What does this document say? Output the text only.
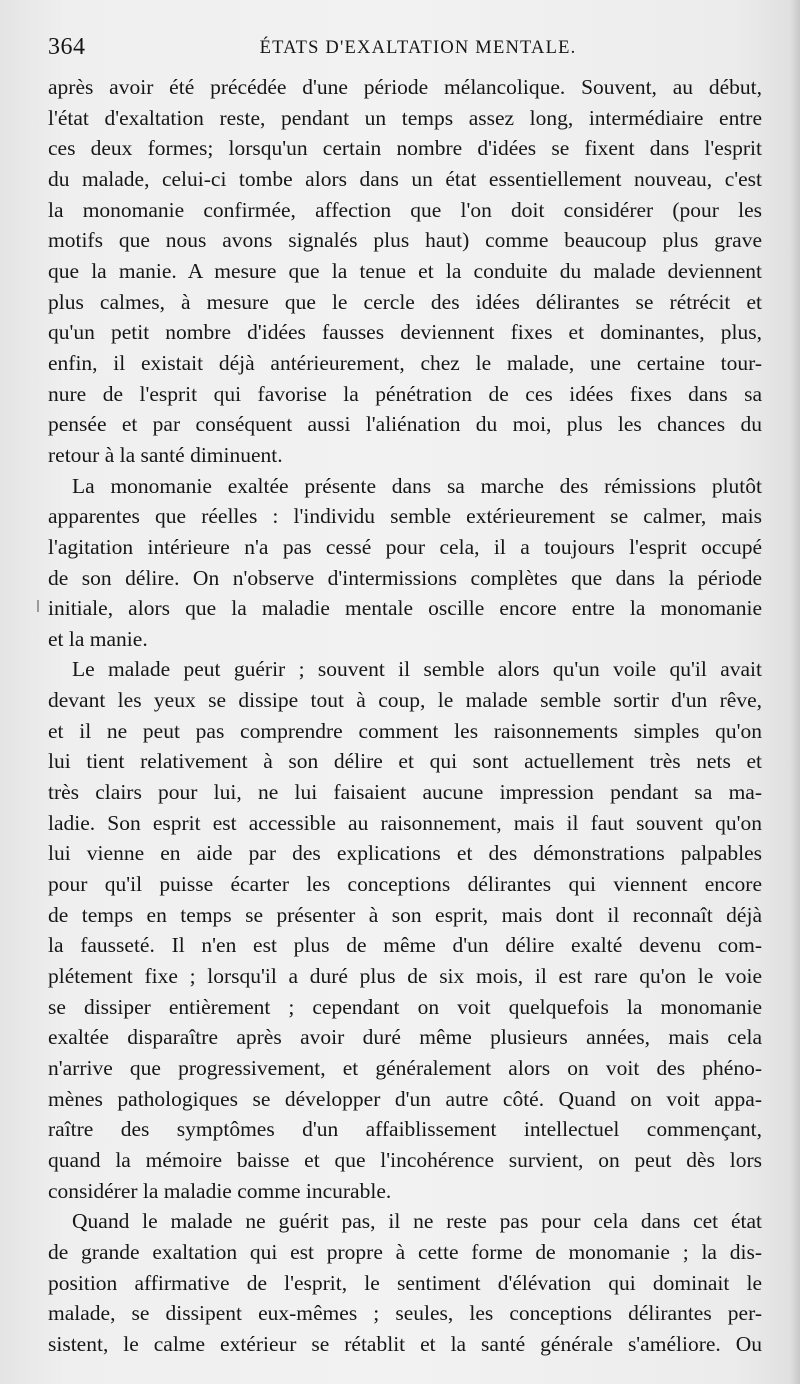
364	ÉTATS D'EXALTATION MENTALE.
après avoir été précédée d'une période mélancolique. Souvent, au début,
l'état d'exaltation reste, pendant un temps assez long, intermédiaire entre
ces deux formes; lorsqu'un certain nombre d'idées se fixent dans l'esprit
du malade, celui-ci tombe alors dans un état essentiellement nouveau, c'est
la monomanie confirmée, affection que l'on doit considérer (pour les
motifs que nous avons signalés plus haut) comme beaucoup plus grave
que la manie. A mesure que la tenue et la conduite du malade deviennent
plus calmes, à mesure que le cercle des idées délirantes se rétrécit et
qu'un petit nombre d'idées fausses deviennent fixes et dominantes, plus,
enfin, il existait déjà antérieurement, chez le malade, une certaine tour-
nure de l'esprit qui favorise la pénétration de ces idées fixes dans sa
pensée et par conséquent aussi l'aliénation du moi, plus les chances du
retour à la santé diminuent.
La monomanie exaltée présente dans sa marche des rémissions plutôt
apparentes que réelles : l'individu semble extérieurement se calmer, mais
l'agitation intérieure n'a pas cessé pour cela, il a toujours l'esprit occupé
de son délire. On n'observe d'intermissions complètes que dans la période
initiale, alors que la maladie mentale oscille encore entre la monomanie
et la manie.
Le malade peut guérir ; souvent il semble alors qu'un voile qu'il avait
devant les yeux se dissipe tout à coup, le malade semble sortir d'un rêve,
et il ne peut pas comprendre comment les raisonnements simples qu'on
lui tient relativement à son délire et qui sont actuellement très nets et
très clairs pour lui, ne lui faisaient aucune impression pendant sa ma-
ladie. Son esprit est accessible au raisonnement, mais il faut souvent qu'on
lui vienne en aide par des explications et des démonstrations palpables
pour qu'il puisse écarter les conceptions délirantes qui viennent encore
de temps en temps se présenter à son esprit, mais dont il reconnaît déjà
la fausseté. Il n'en est plus de même d'un délire exalté devenu com-
plétement fixe ; lorsqu'il a duré plus de six mois, il est rare qu'on le voie
se dissiper entièrement ; cependant on voit quelquefois la monomanie
exaltée disparaître après avoir duré même plusieurs années, mais cela
n'arrive que progressivement, et généralement alors on voit des phéno-
mènes pathologiques se développer d'un autre côté. Quand on voit appa-
raître des symptômes d'un affaiblissement intellectuel commençant,
quand la mémoire baisse et que l'incohérence survient, on peut dès lors
considérer la maladie comme incurable.
Quand le malade ne guérit pas, il ne reste pas pour cela dans cet état
de grande exaltation qui est propre à cette forme de monomanie ; la dis-
position affirmative de l'esprit, le sentiment d'élévation qui dominait le
malade, se dissipent eux-mêmes ; seules, les conceptions délirantes per-
sistent, le calme extérieur se rétablit et la santé générale s'améliore. Ou
